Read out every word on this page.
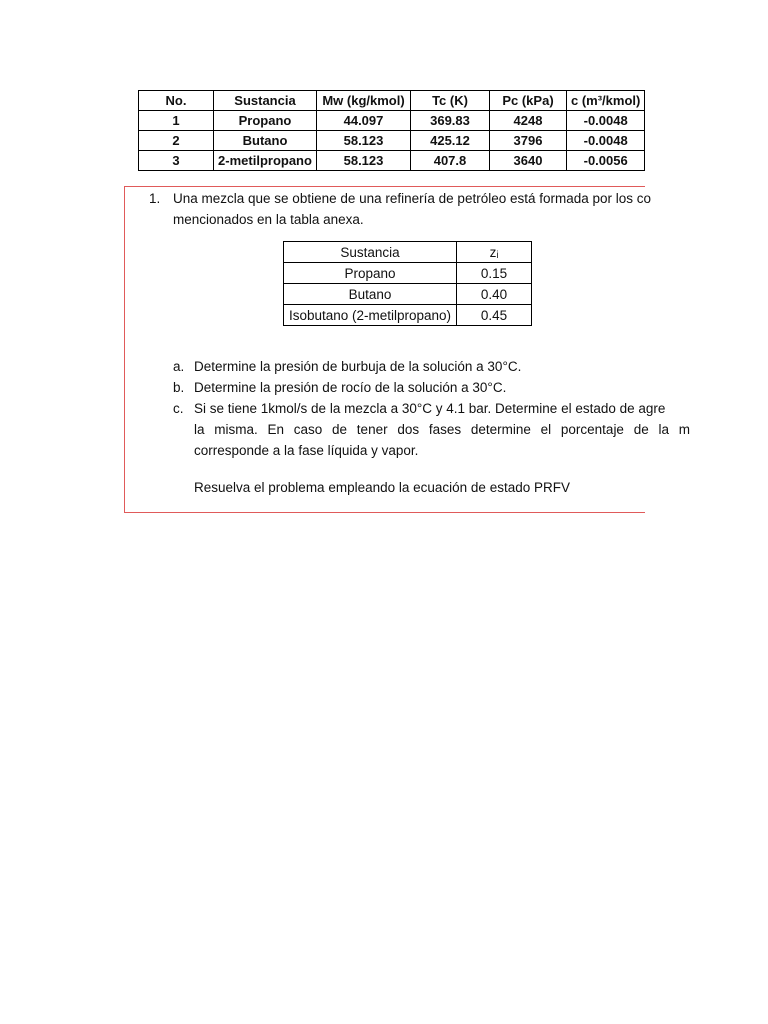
No.	Sustancia	Mw (kg/kmol)	Tc (K)	Pc (kPa)	c (m³/kmol)
1	Propano	44.097	369.83	4248	-0.0048
2	Butano	58.123	425.12	3796	-0.0048
3	2-metilpropano	58.123	407.8	3640	-0.0056
1. Una mezcla que se obtiene de una refinería de petróleo está formada por los co
mencionados en la tabla anexa.
Sustancia	zᵢ
Propano	0.15
Butano	0.40
Isobutano (2-metilpropano)	0.45
a. Determine la presión de burbuja de la solución a 30°C.
b. Determine la presión de rocío de la solución a 30°C.
c. Si se tiene 1kmol/s de la mezcla a 30°C y 4.1 bar. Determine el estado de agre
la misma. En caso de tener dos fases determine el porcentaje de la m
corresponde a la fase líquida y vapor.
Resuelva el problema empleando la ecuación de estado PRFV
